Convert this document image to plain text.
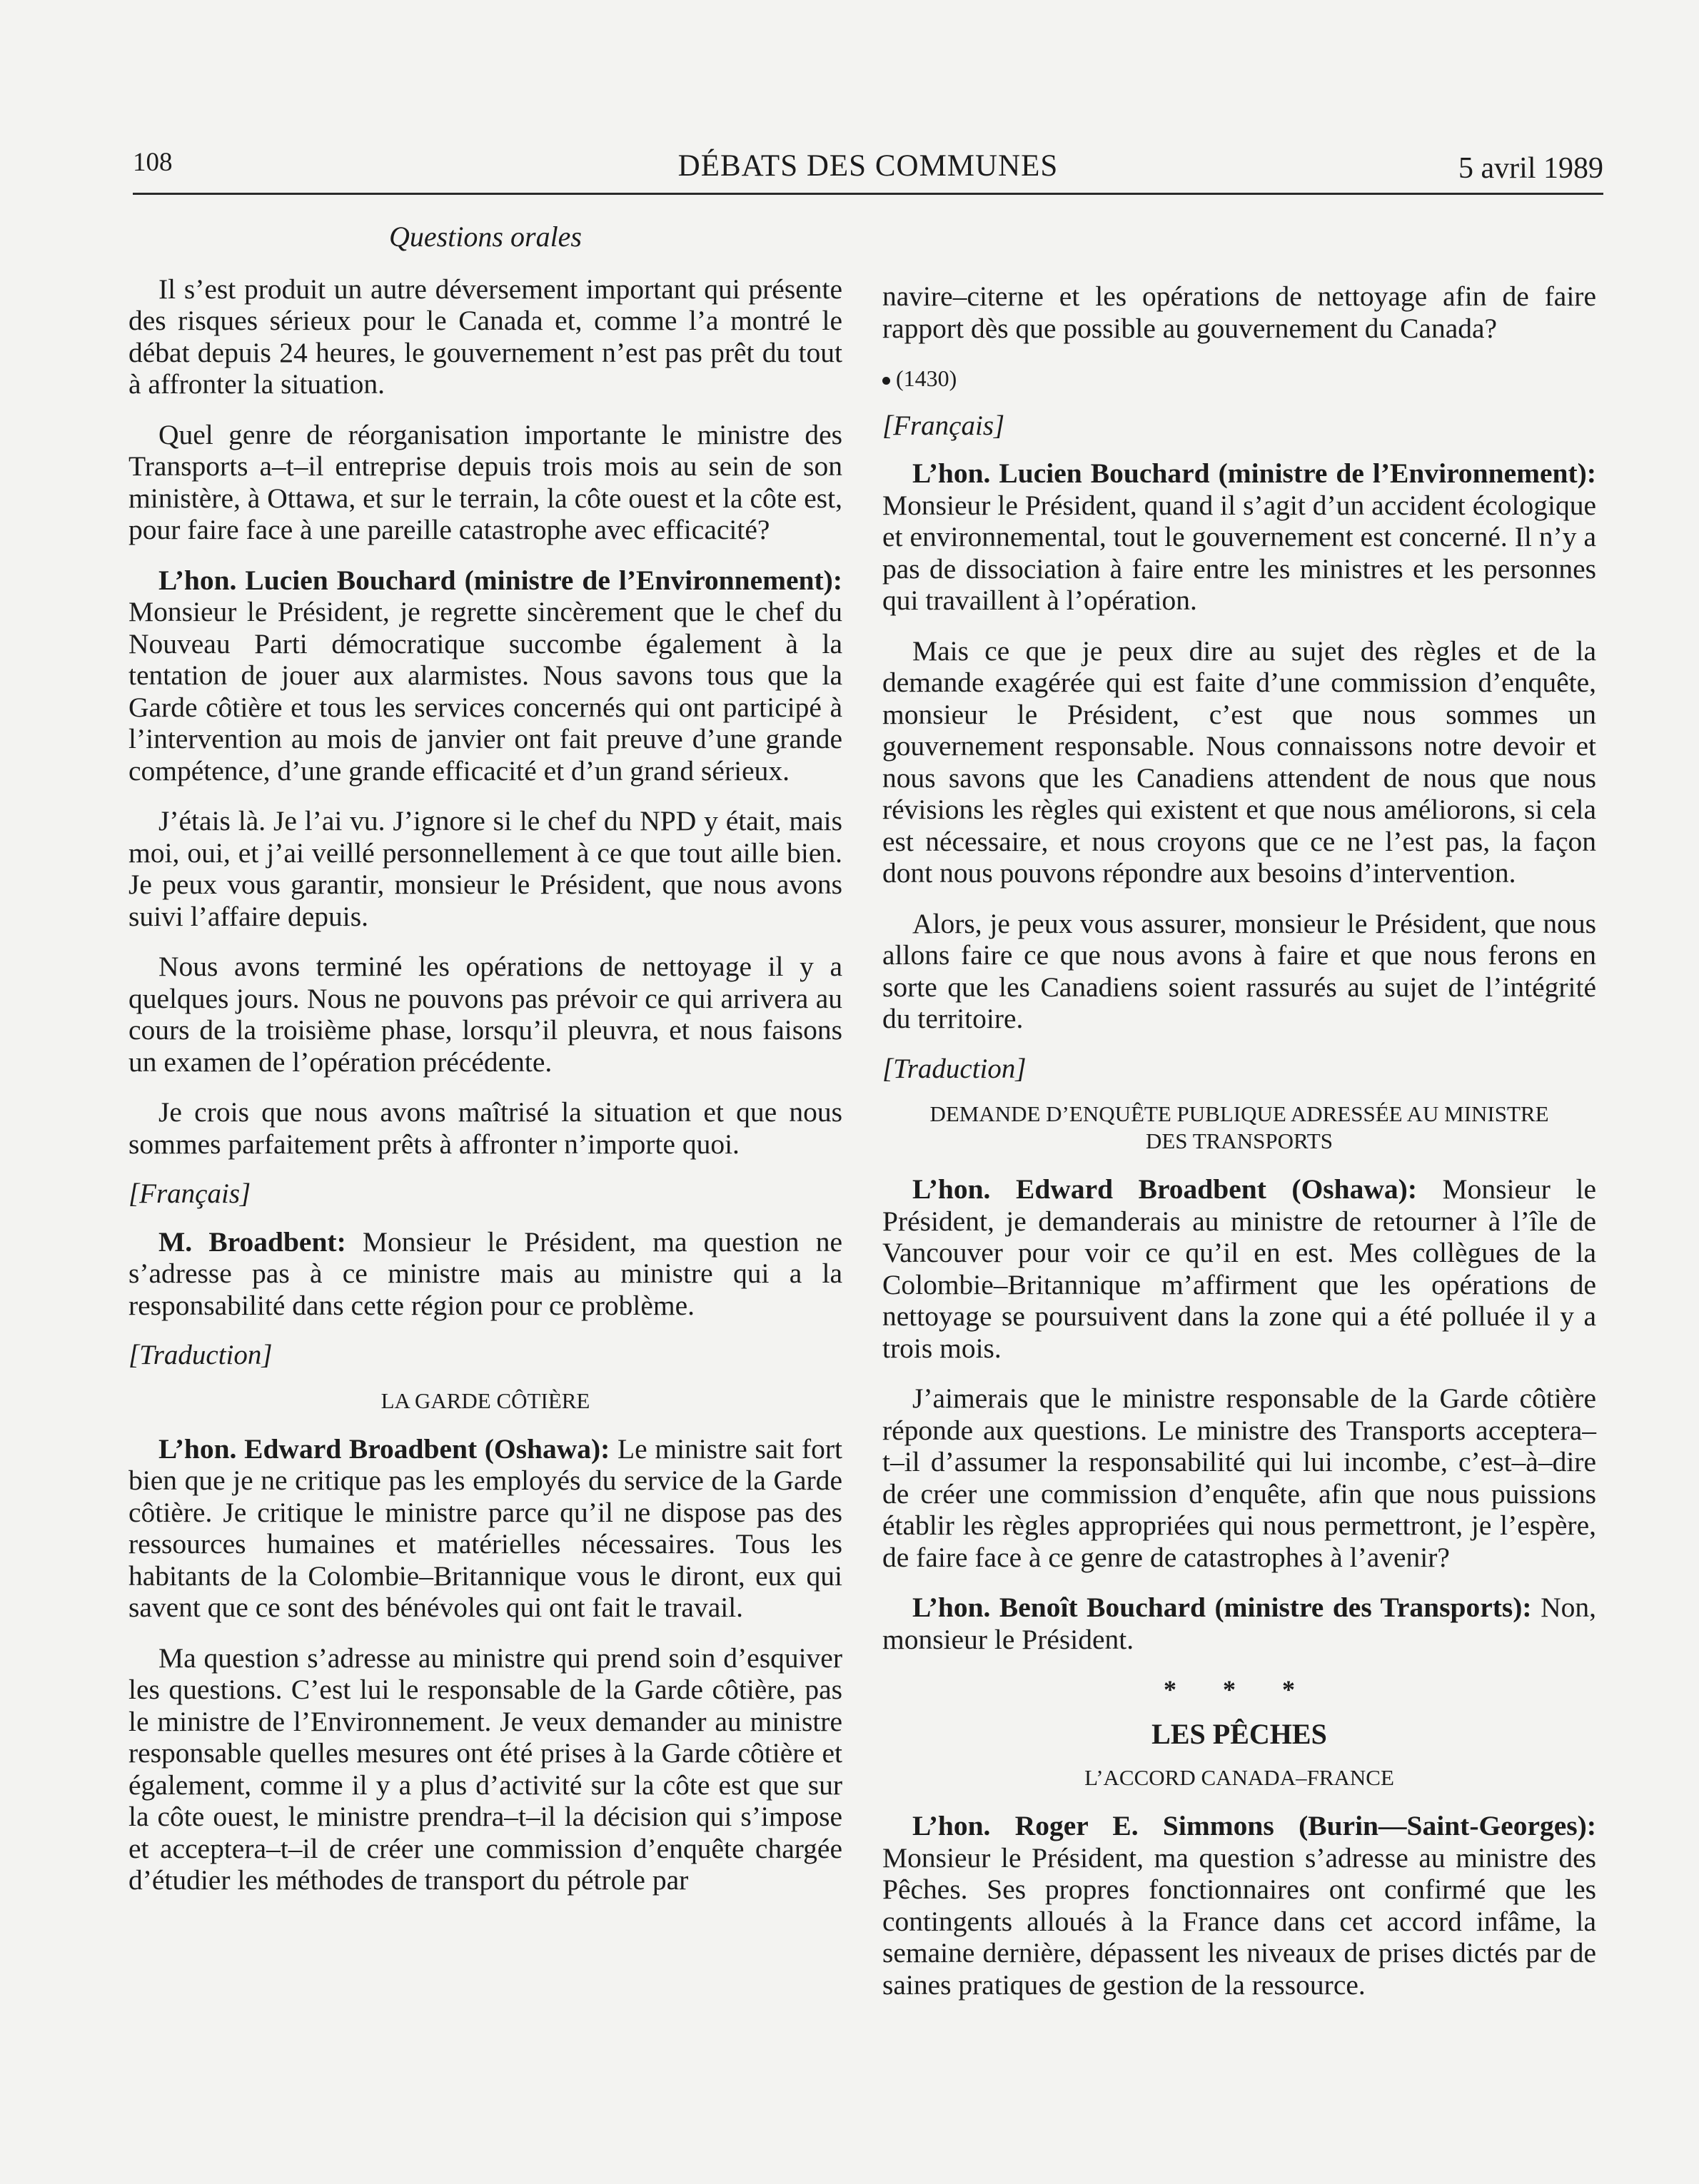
108	DÉBATS DES COMMUNES	5 avril 1989
Questions orales

Il s’est produit un autre déversement important qui présente des risques sérieux pour le Canada et, comme l’a montré le débat depuis 24 heures, le gouvernement n’est pas prêt du tout à affronter la situation.

Quel genre de réorganisation importante le ministre des Transports a–t–il entreprise depuis trois mois au sein de son ministère, à Ottawa, et sur le terrain, la côte ouest et la côte est, pour faire face à une pareille catastrophe avec efficacité?

L’hon. Lucien Bouchard (ministre de l’Environnement): Monsieur le Président, je regrette sincèrement que le chef du Nouveau Parti démocratique succombe également à la tentation de jouer aux alarmistes. Nous savons tous que la Garde côtière et tous les services concernés qui ont participé à l’intervention au mois de janvier ont fait preuve d’une grande compétence, d’une grande efficacité et d’un grand sérieux.

J’étais là. Je l’ai vu. J’ignore si le chef du NPD y était, mais moi, oui, et j’ai veillé personnellement à ce que tout aille bien. Je peux vous garantir, monsieur le Président, que nous avons suivi l’affaire depuis.

Nous avons terminé les opérations de nettoyage il y a quelques jours. Nous ne pouvons pas prévoir ce qui arrivera au cours de la troisième phase, lorsqu’il pleuvra, et nous faisons un examen de l’opération précédente.

Je crois que nous avons maîtrisé la situation et que nous sommes parfaitement prêts à affronter n’importe quoi.

[Français]

M. Broadbent: Monsieur le Président, ma question ne s’adresse pas à ce ministre mais au ministre qui a la responsabilité dans cette région pour ce problème.

[Traduction]
LA GARDE CÔTIÈRE

L’hon. Edward Broadbent (Oshawa): Le ministre sait fort bien que je ne critique pas les employés du service de la Garde côtière. Je critique le ministre parce qu’il ne dispose pas des ressources humaines et matérielles nécessaires. Tous les habitants de la Colombie–Britannique vous le diront, eux qui savent que ce sont des bénévoles qui ont fait le travail.

Ma question s’adresse au ministre qui prend soin d’esquiver les questions. C’est lui le responsable de la Garde côtière, pas le ministre de l’Environnement. Je veux demander au ministre responsable quelles mesures ont été prises à la Garde côtière et également, comme il y a plus d’activité sur la côte est que sur la côte ouest, le ministre prendra–t–il la décision qui s’impose et acceptera–t–il de créer une commission d’enquête chargée d’étudier les méthodes de transport du pétrole par

navire–citerne et les opérations de nettoyage afin de faire rapport dès que possible au gouvernement du Canada?

(1430)
[Français]

L’hon. Lucien Bouchard (ministre de l’Environnement): Monsieur le Président, quand il s’agit d’un accident écologique et environnemental, tout le gouvernement est concerné. Il n’y a pas de dissociation à faire entre les ministres et les personnes qui travaillent à l’opération.

Mais ce que je peux dire au sujet des règles et de la demande exagérée qui est faite d’une commission d’enquête, monsieur le Président, c’est que nous sommes un gouvernement responsable. Nous connaissons notre devoir et nous savons que les Canadiens attendent de nous que nous révisions les règles qui existent et que nous améliorons, si cela est nécessaire, et nous croyons que ce ne l’est pas, la façon dont nous pouvons répondre aux besoins d’intervention.

Alors, je peux vous assurer, monsieur le Président, que nous allons faire ce que nous avons à faire et que nous ferons en sorte que les Canadiens soient rassurés au sujet de l’intégrité du territoire.

[Traduction]
DEMANDE D’ENQUÊTE PUBLIQUE ADRESSÉE AU MINISTRE DES TRANSPORTS

L’hon. Edward Broadbent (Oshawa): Monsieur le Président, je demanderais au ministre de retourner à l’île de Vancouver pour voir ce qu’il en est. Mes collègues de la Colombie–Britannique m’affirment que les opérations de nettoyage se poursuivent dans la zone qui a été polluée il y a trois mois.

J’aimerais que le ministre responsable de la Garde côtière réponde aux questions. Le ministre des Transports acceptera–t–il d’assumer la responsabilité qui lui incombe, c’est–à–dire de créer une commission d’enquête, afin que nous puissions établir les règles appropriées qui nous permettront, je l’espère, de faire face à ce genre de catastrophes à l’avenir?

L’hon. Benoît Bouchard (ministre des Transports): Non, monsieur le Président.

* * *
LES PÊCHES
L’ACCORD CANADA–FRANCE

L’hon. Roger E. Simmons (Burin—Saint-Georges): Monsieur le Président, ma question s’adresse au ministre des Pêches. Ses propres fonctionnaires ont confirmé que les contingents alloués à la France dans cet accord infâme, la semaine dernière, dépassent les niveaux de prises dictés par de saines pratiques de gestion de la ressource.
